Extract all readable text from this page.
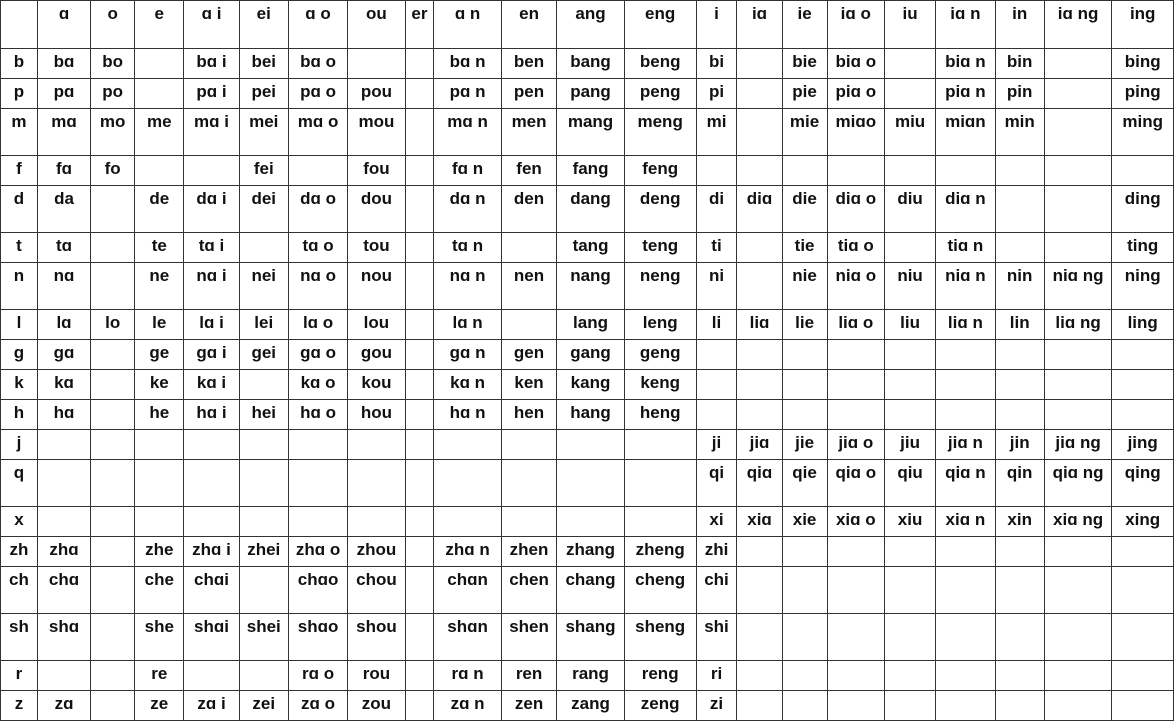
	ɑ	o	e	ɑ i	ei	ɑ o	ou	er	ɑ n	en	ang	eng	i	iɑ	ie	iɑ o	iu	iɑ n	in	iɑ ng	ing
b	bɑ	bo		bɑ i	bei	bɑ o			bɑ n	ben	bang	beng	bi		bie	biɑ o		biɑ n	bin		bing
p	pɑ	po		pɑ i	pei	pɑ o	pou		pɑ n	pen	pang	peng	pi		pie	piɑ o		piɑ n	pin		ping
m	mɑ	mo	me	mɑ i	mei	mɑ o	mou		mɑ n	men	mang	meng	mi		mie	miɑo	miu	miɑn	min		ming
f	fɑ	fo			fei		fou		fɑ n	fen	fang	feng									
d	da		de	dɑ i	dei	dɑ o	dou		dɑ n	den	dang	deng	di	diɑ	die	diɑ o	diu	diɑ n			ding
t	tɑ		te	tɑ i		tɑ o	tou		tɑ n		tang	teng	ti		tie	tiɑ o		tiɑ n			ting
n	nɑ		ne	nɑ i	nei	nɑ o	nou		nɑ n	nen	nang	neng	ni		nie	niɑ o	niu	niɑ n	nin	niɑ ng	ning
l	lɑ	lo	le	lɑ i	lei	lɑ o	lou		lɑ n		lang	leng	li	liɑ	lie	liɑ o	liu	liɑ n	lin	liɑ ng	ling
g	gɑ		ge	gɑ i	gei	gɑ o	gou		gɑ n	gen	gang	geng									
k	kɑ		ke	kɑ i		kɑ o	kou		kɑ n	ken	kang	keng									
h	hɑ		he	hɑ i	hei	hɑ o	hou		hɑ n	hen	hang	heng									
j													ji	jiɑ	jie	jiɑ o	jiu	jiɑ n	jin	jiɑ ng	jing
q													qi	qiɑ	qie	qiɑ o	qiu	qiɑ n	qin	qiɑ ng	qing
x													xi	xiɑ	xie	xiɑ o	xiu	xiɑ n	xin	xiɑ ng	xing
zh	zhɑ		zhe	zhɑ i	zhei	zhɑ o	zhou		zhɑ n	zhen	zhang	zheng	zhi								
ch	chɑ		che	chɑi		chɑo	chou		chɑn	chen	chang	cheng	chi								
sh	shɑ		she	shɑi	shei	shɑo	shou		shɑn	shen	shang	sheng	shi								
r			re			rɑ o	rou		rɑ n	ren	rang	reng	ri								
z	zɑ		ze	zɑ i	zei	zɑ o	zou		zɑ n	zen	zang	zeng	zi								
